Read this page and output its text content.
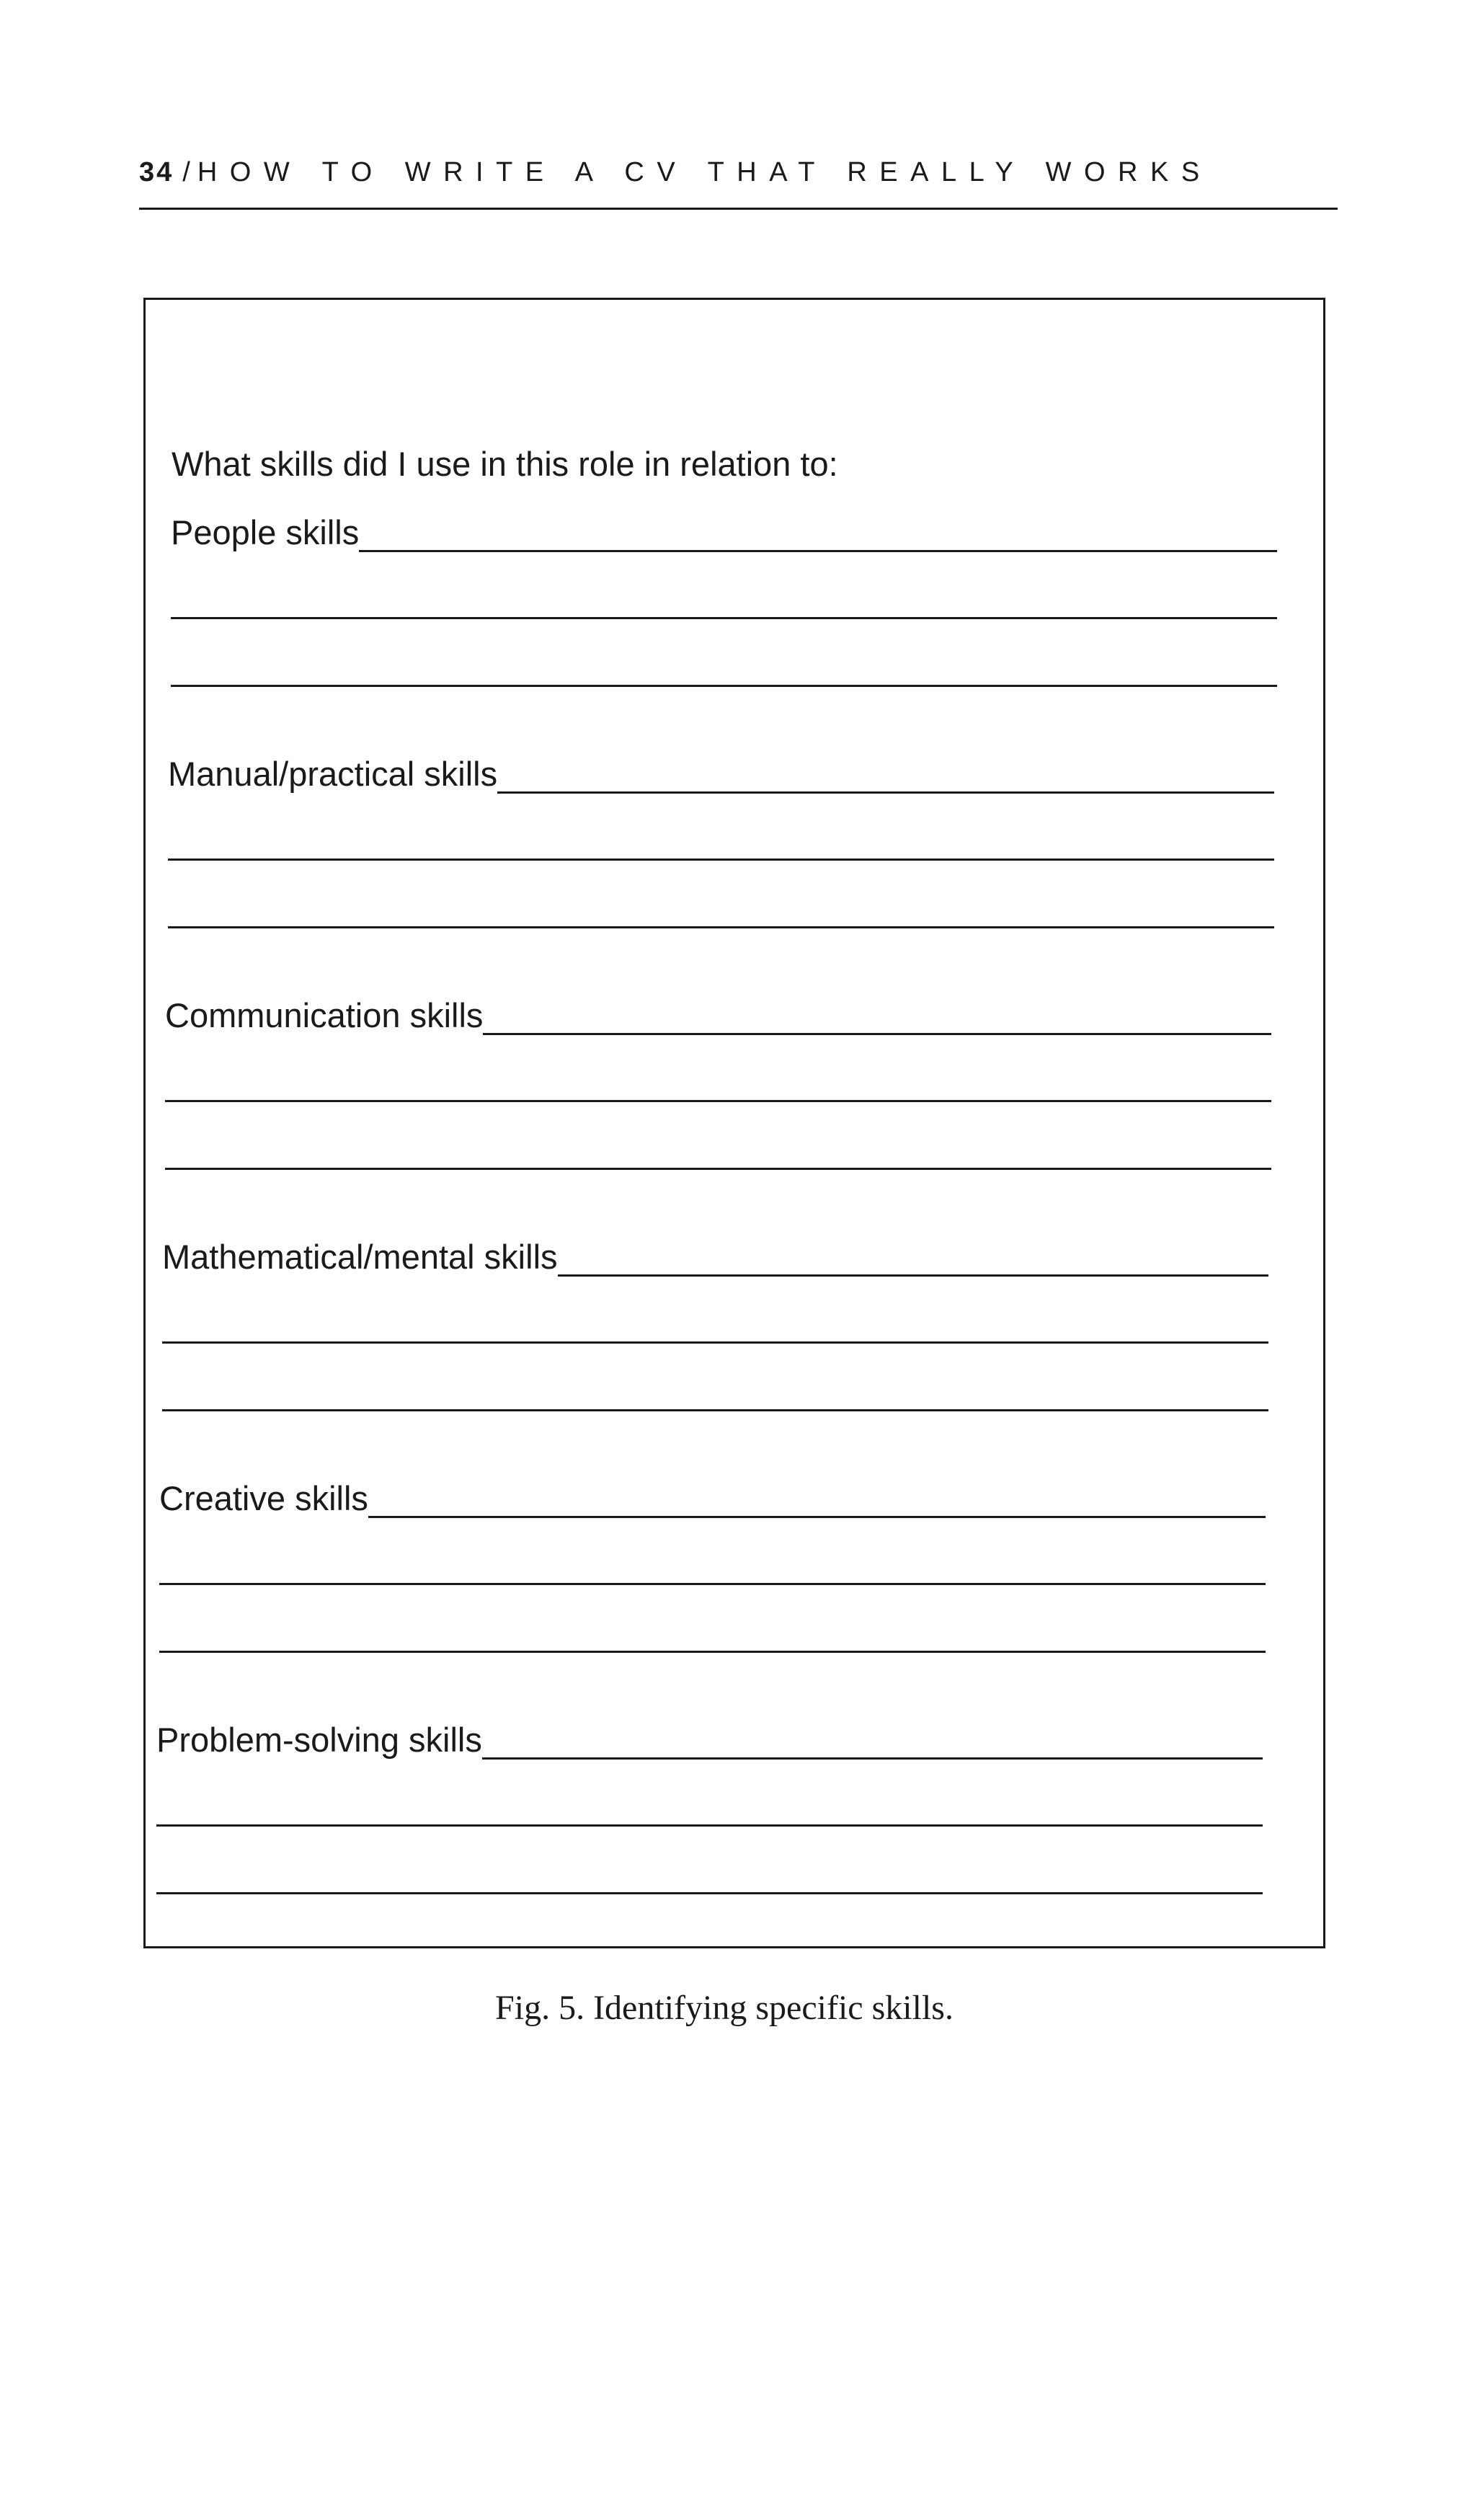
34 / HOW TO WRITE A CV THAT REALLY WORKS
What skills did I use in this role in relation to:
People skills
Manual/practical skills
Communication skills
Mathematical/mental skills
Creative skills
Problem-solving skills
Fig. 5. Identifying specific skills.
